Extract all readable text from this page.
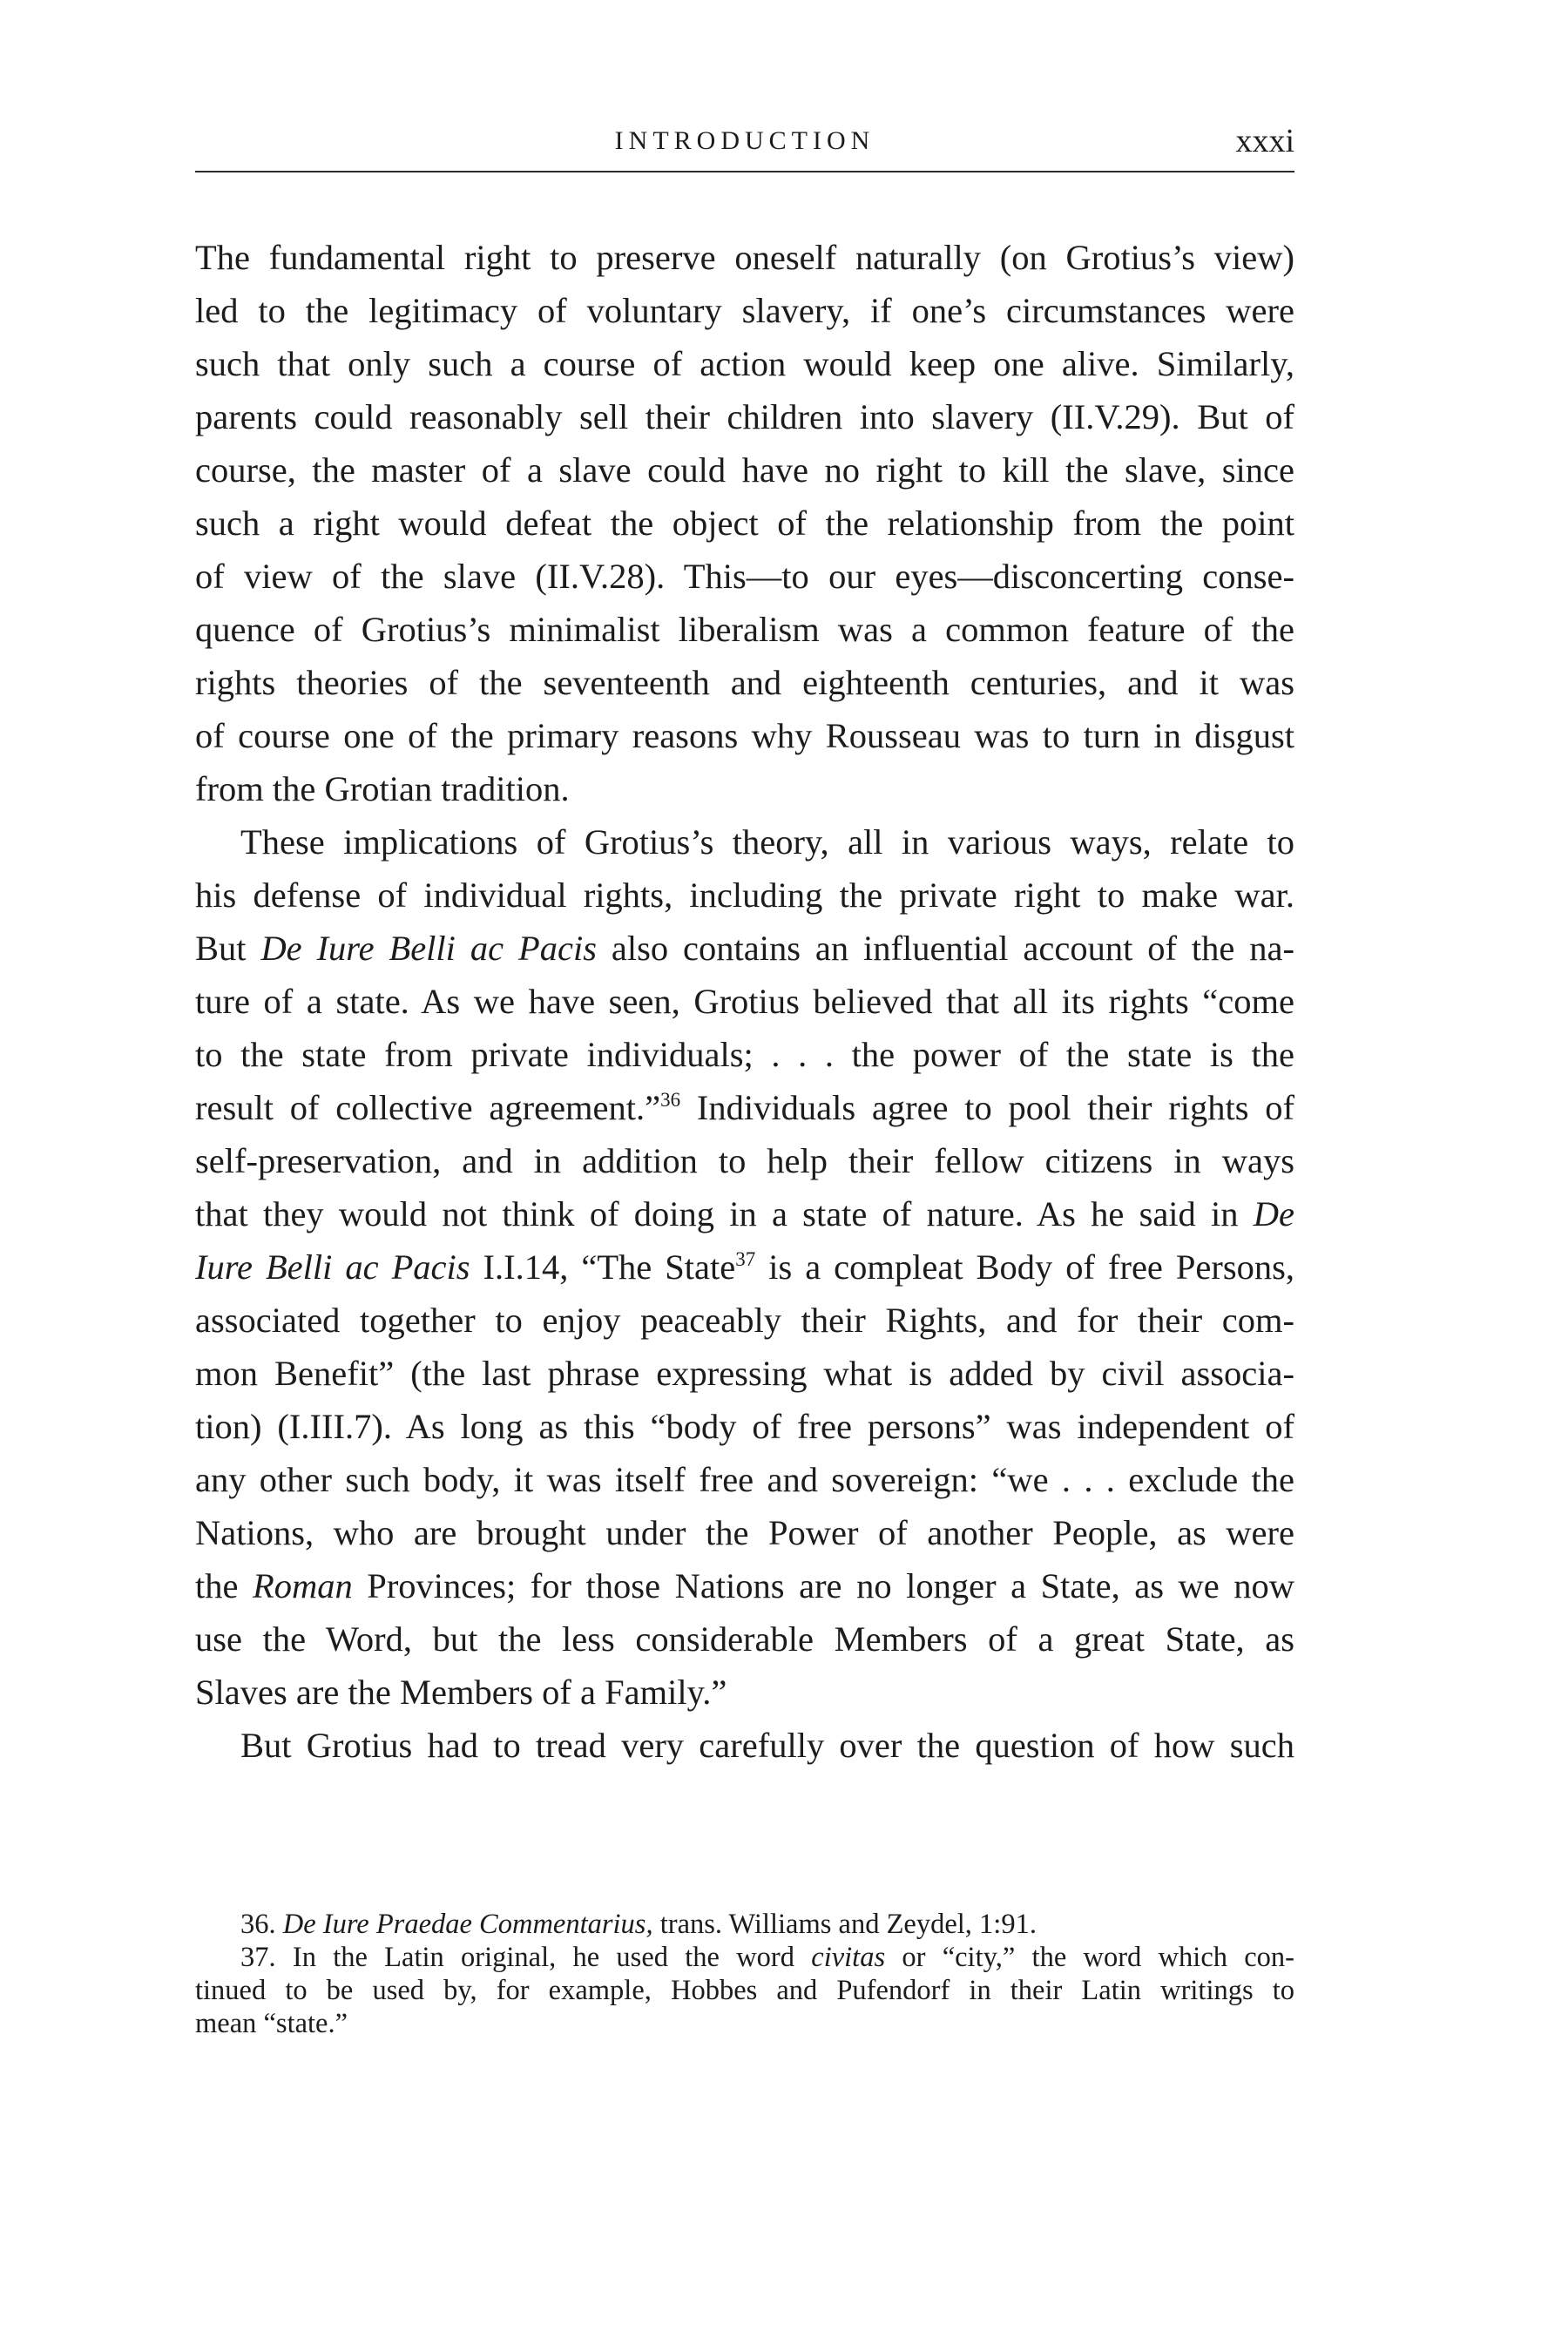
INTRODUCTION	xxxi
The fundamental right to preserve oneself naturally (on Grotius’s view)
led to the legitimacy of voluntary slavery, if one’s circumstances were
such that only such a course of action would keep one alive. Similarly,
parents could reasonably sell their children into slavery (II.V.29). But of
course, the master of a slave could have no right to kill the slave, since
such a right would defeat the object of the relationship from the point
of view of the slave (II.V.28). This—to our eyes—disconcerting conse-
quence of Grotius’s minimalist liberalism was a common feature of the
rights theories of the seventeenth and eighteenth centuries, and it was
of course one of the primary reasons why Rousseau was to turn in disgust
from the Grotian tradition.
These implications of Grotius’s theory, all in various ways, relate to
his defense of individual rights, including the private right to make war.
But De Iure Belli ac Pacis also contains an influential account of the na-
ture of a state. As we have seen, Grotius believed that all its rights “come
to the state from private individuals; . . . the power of the state is the
result of collective agreement.”$^{36}$ Individuals agree to pool their rights of
self-preservation, and in addition to help their fellow citizens in ways
that they would not think of doing in a state of nature. As he said in De
Iure Belli ac Pacis I.I.14, “The State$^{37}$ is a compleat Body of free Persons,
associated together to enjoy peaceably their Rights, and for their com-
mon Benefit” (the last phrase expressing what is added by civil associa-
tion) (I.III.7). As long as this “body of free persons” was independent of
any other such body, it was itself free and sovereign: “we . . . exclude the
Nations, who are brought under the Power of another People, as were
the Roman Provinces; for those Nations are no longer a State, as we now
use the Word, but the less considerable Members of a great State, as
Slaves are the Members of a Family.”
But Grotius had to tread very carefully over the question of how such
36. De Iure Praedae Commentarius, trans. Williams and Zeydel, 1:91.
37. In the Latin original, he used the word civitas or “city,” the word which con-
tinued to be used by, for example, Hobbes and Pufendorf in their Latin writings to
mean “state.”
